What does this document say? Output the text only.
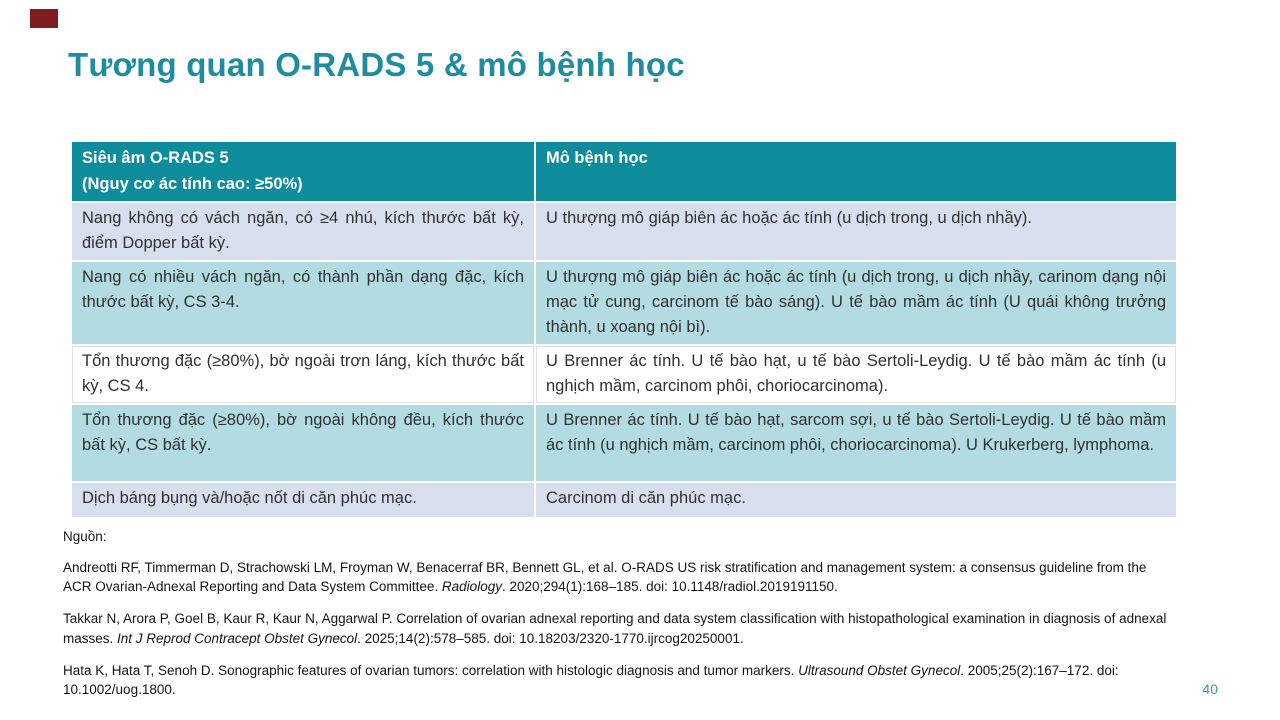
Tương quan O-RADS 5 & mô bệnh học
Siêu âm O-RADS 5
(Nguy cơ ác tính cao: ≥50%)	Mô bệnh học
Nang không có vách ngăn, có ≥4 nhú, kích thước bất kỳ, điểm Dopper bất kỳ.	U thượng mô giáp biên ác hoặc ác tính (u dịch trong, u dịch nhầy).
Nang có nhiều vách ngăn, có thành phần dạng đặc, kích thước bất kỳ, CS 3-4.	U thượng mô giáp biên ác hoặc ác tính (u dịch trong, u dịch nhầy, carinom dạng nội mạc tử cung, carcinom tế bào sáng). U tế bào mầm ác tính (U quái không trưởng thành, u xoang nội bì).
Tổn thương đặc (≥80%), bờ ngoài trơn láng, kích thước bất kỳ, CS 4.	U Brenner ác tính. U tế bào hạt, u tế bào Sertoli-Leydig. U tế bào mầm ác tính (u nghịch mầm, carcinom phôi, choriocarcinoma).
Tổn thương đặc (≥80%), bờ ngoài không đều, kích thước bất kỳ, CS bất kỳ.	U Brenner ác tính. U tế bào hạt, sarcom sợi, u tế bào Sertoli-Leydig. U tế bào mầm ác tính (u nghịch mầm, carcinom phôi, choriocarcinoma). U Krukerberg, lymphoma.
Dịch báng bụng và/hoặc nốt di căn phúc mạc.	Carcinom di căn phúc mạc.
Nguồn:

Andreotti RF, Timmerman D, Strachowski LM, Froyman W, Benacerraf BR, Bennett GL, et al. O-RADS US risk stratification and management system: a consensus guideline from the ACR Ovarian-Adnexal Reporting and Data System Committee. Radiology. 2020;294(1):168–185. doi: 10.1148/radiol.2019191150.

Takkar N, Arora P, Goel B, Kaur R, Kaur N, Aggarwal P. Correlation of ovarian adnexal reporting and data system classification with histopathological examination in diagnosis of adnexal masses. Int J Reprod Contracept Obstet Gynecol. 2025;14(2):578–585. doi: 10.18203/2320-1770.ijrcog20250001.

Hata K, Hata T, Senoh D. Sonographic features of ovarian tumors: correlation with histologic diagnosis and tumor markers. Ultrasound Obstet Gynecol. 2005;25(2):167–172. doi: 10.1002/uog.1800.	40
